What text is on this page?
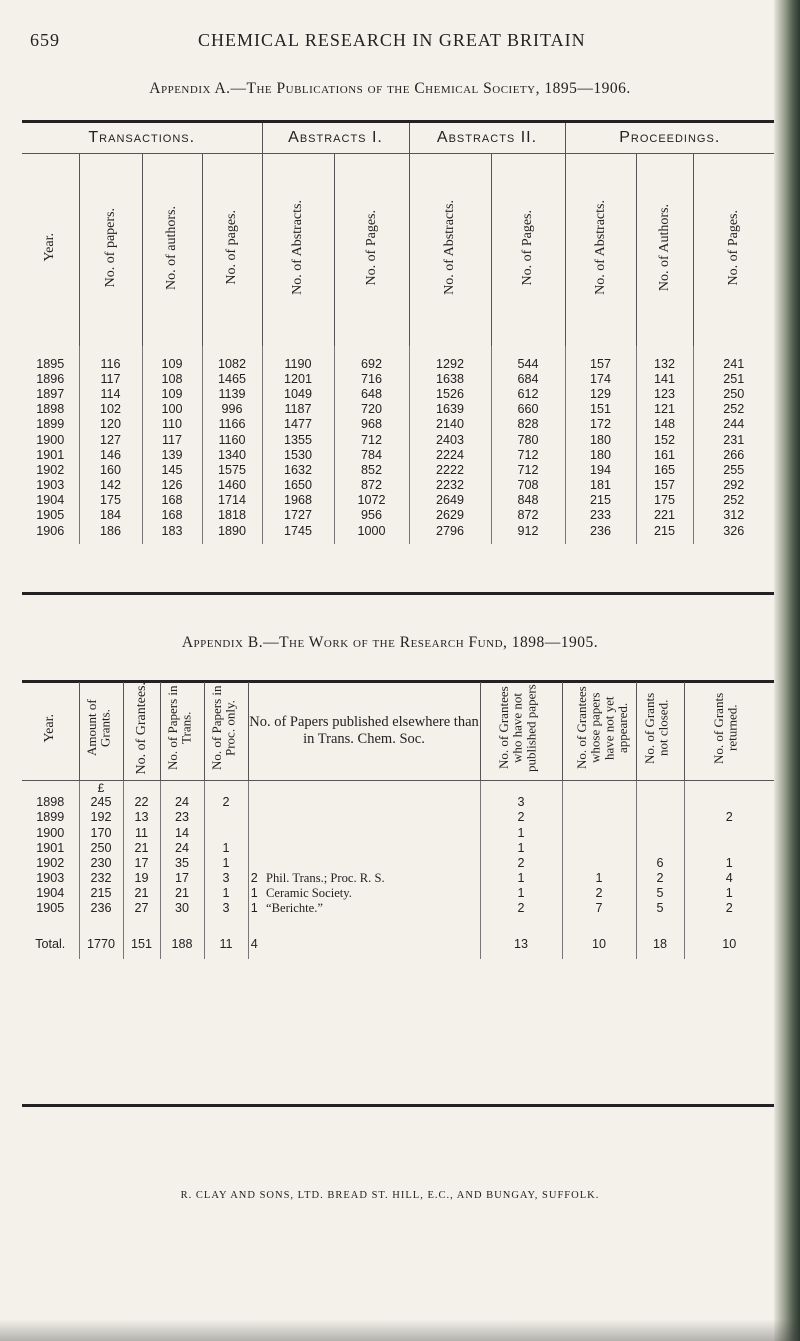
659	CHEMICAL RESEARCH IN GREAT BRITAIN
Appendix A.—The Publications of the Chemical Society, 1895—1906.
Transactions.				Abstracts I.		Abstracts II.		Proceedings.		
Year.	No. of papers.	No. of authors.	No. of pages.	No. of Abstracts.	No. of Pages.	No. of Abstracts.	No. of Pages.	No. of Abstracts.	No. of Authors.	No. of Pages.
1895	116	109	1082	1190	692	1292	544	157	132	241
1896	117	108	1465	1201	716	1638	684	174	141	251
1897	114	109	1139	1049	648	1526	612	129	123	250
1898	102	100	996	1187	720	1639	660	151	121	252
1899	120	110	1166	1477	968	2140	828	172	148	244
1900	127	117	1160	1355	712	2403	780	180	152	231
1901	146	139	1340	1530	784	2224	712	180	161	266
1902	160	145	1575	1632	852	2222	712	194	165	255
1903	142	126	1460	1650	872	2232	708	181	157	292
1904	175	168	1714	1968	1072	2649	848	215	175	252
1905	184	168	1818	1727	956	2629	872	233	221	312
1906	186	183	1890	1745	1000	2796	912	236	215	326

Appendix B.—The Work of the Research Fund, 1898—1905.
Year.	Amount of Grants.	No. of Grantees.	No. of Papers in Trans.	No. of Papers in Proc. only.	No. of Papers published elsewhere than in Trans. Chem. Soc.		No. of Grantees who have not published papers	No. of Grantees whose papers have not yet appeared.	No. of Grants not closed.	No. of Grants returned.
	£									
1898	245	22	24	2			3			
1899	192	13	23				2			2
1900	170	11	14				1			
1901	250	21	24	1			1			
1902	230	17	35	1			2		6	1
1903	232	19	17	3	2	Phil. Trans.; Proc. R. S.	1	1	2	4
1904	215	21	21	1	1	Ceramic Society.	1	2	5	1
1905	236	27	30	3	1	“Berichte.”	2	7	5	2

Total.	1770	151	188	11	4		13	10	18	10
R. CLAY AND SONS, LTD. BREAD ST. HILL, E.C., AND BUNGAY, SUFFOLK.
